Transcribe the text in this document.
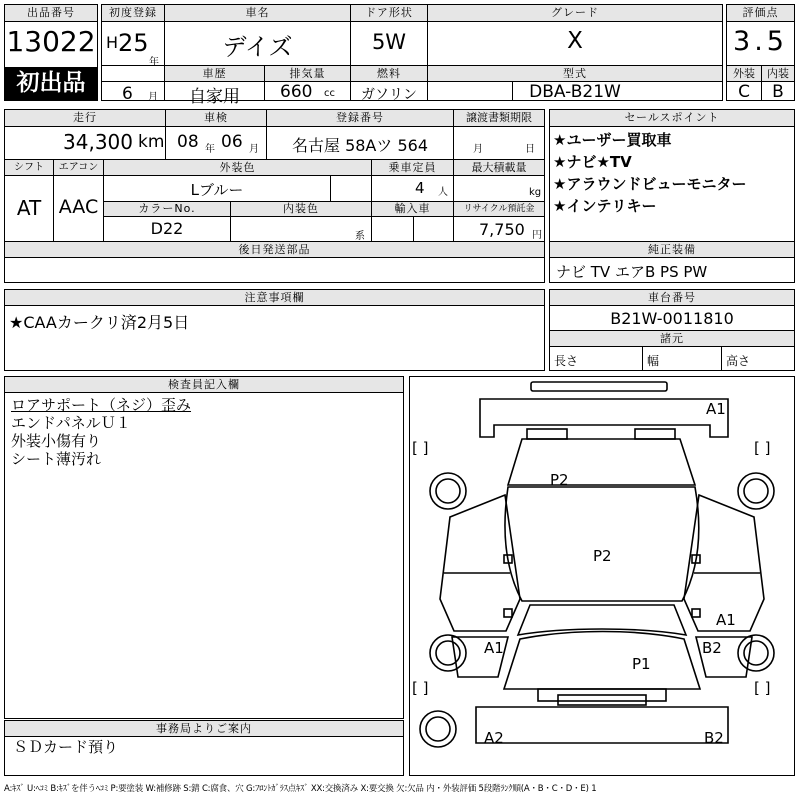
出品番号
13022
初出品
初度登録
H 25
年
6 月
車名
デイズ
ドア形状
5W
グレード
X
車歴
自家用
排気量
660 cc
燃料
ガソリン
型式
DBA-B21W
評価点
3.5
外装	内装
C	B
走行
34,300 km
車検
08 年 06 月
登録番号
名古屋 58Aツ 564
譲渡書類期限
月	日
シフト
AT
エアコン
AAC
外装色
Lブルー
乗車定員
4 人
最大積載量
kg
カラーNo.
D22
内装色
系
輸入車	リサイクル預託金
7,750 円
後日発送部品
セールスポイント
★ユーザー買取車
★ナビ★TV
★アラウンドビューモニター
★インテリキー
純正装備
ナビ TV エアB PS PW
注意事項欄
★CAAカークリ済2月5日
車台番号
B21W-0011810
諸元
長さ	幅	高さ
検査員記入欄
ロアサポート（ネジ）歪み
エンドパネルＵ１
外装小傷有り
シート薄汚れ
事務局よりご案内
ＳＤカード預り
[ ]	[ ]
[ ]	[ ]
A1
P2
P2
A1
A1	B2
P1
A2	B2
A:ｷｽﾞ U:ﾍｺﾐ B:ｷｽﾞを伴うﾍｺﾐ P:要塗装 W:補修跡 S:錆 C:腐食、穴 G:ﾌﾛﾝﾄｶﾞﾗｽ点ｷｽﾞ XX:交換済み X:要交換 欠:欠品 内・外装評価 5段階ﾗﾝｸ順(A・B・C・D・E) 1
